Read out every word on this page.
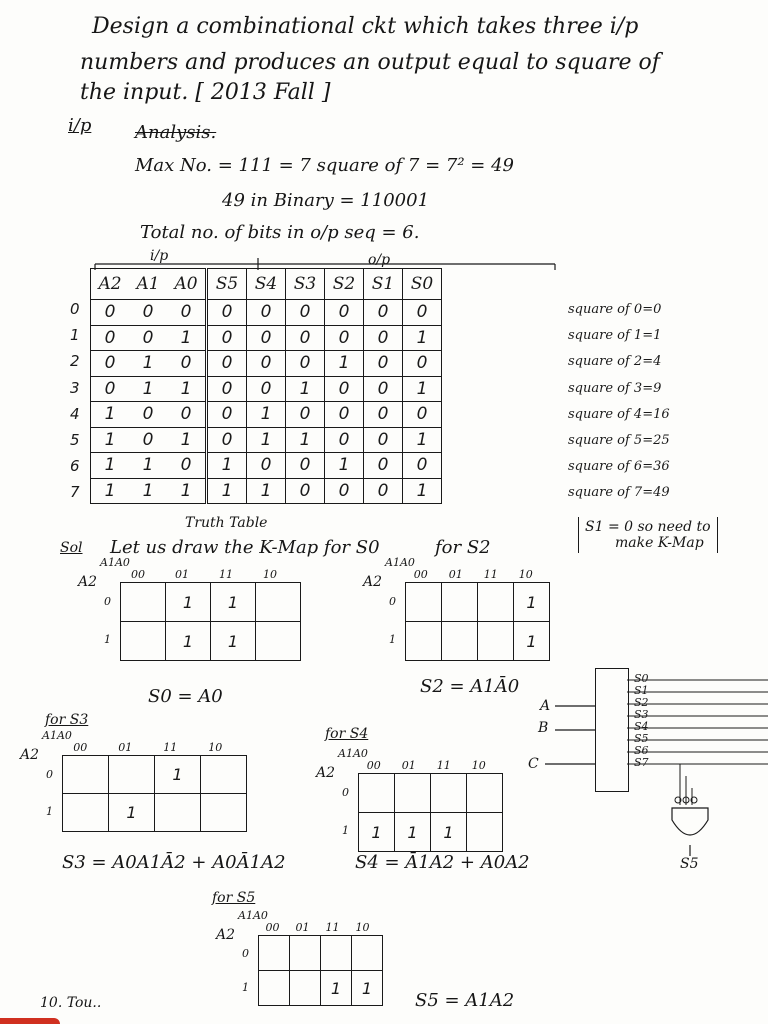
Design a combinational ckt which takes three i/p
numbers and produces an output equal to square of
the input. [ 2013 Fall ]
i/p Analysis.
Max No. = 111 = 7 square of 7 = 7² = 49
49 in Binary = 110001
Total no. of bits in o/p seq = 6.
i/p	o/p
0
1
2
3
4
5
6
7
A2	A1	A0	S5	S4	S3	S2	S1	S0
0	0	0	0	0	0	0	0	0
0	0	1	0	0	0	0	0	1
0	1	0	0	0	0	1	0	0
0	1	1	0	0	1	0	0	1
1	0	0	0	1	0	0	0	0
1	0	1	0	1	1	0	0	1
1	1	0	1	0	0	1	0	0
1	1	1	1	1	0	0	0	1
square of 0=0
square of 1=1
square of 2=4
square of 3=9
square of 4=16
square of 5=25
square of 6=36
square of 7=49
Truth Table	S1 = 0 so need to
make K-Map
Sol Let us draw the K-Map for S0	for S2
	1	1	
	1	1	
A1A0
00	01	11	10
A2
0
1
			1
			1
A1A0
00 01 11 10
A2
0
1
		1	
	1		
A1A0
00	01	11	10
A2
0
1

1	1	1	
A1A0
00 01 11 10
A2
0
1

		1	1
A1A0
00 01 11 10
A2
0
1
for S3
for S4
for S5
S0 = A0	S2 = A1Ā0
S3 = A0A1Ā2 + A0Ā1A2	S4 = Ā1A2 + A0A2
S5 = A1A2
A
B
C
S0
S1
S2
S3
S4
S5
S6
S7
S5
10. Tou..
